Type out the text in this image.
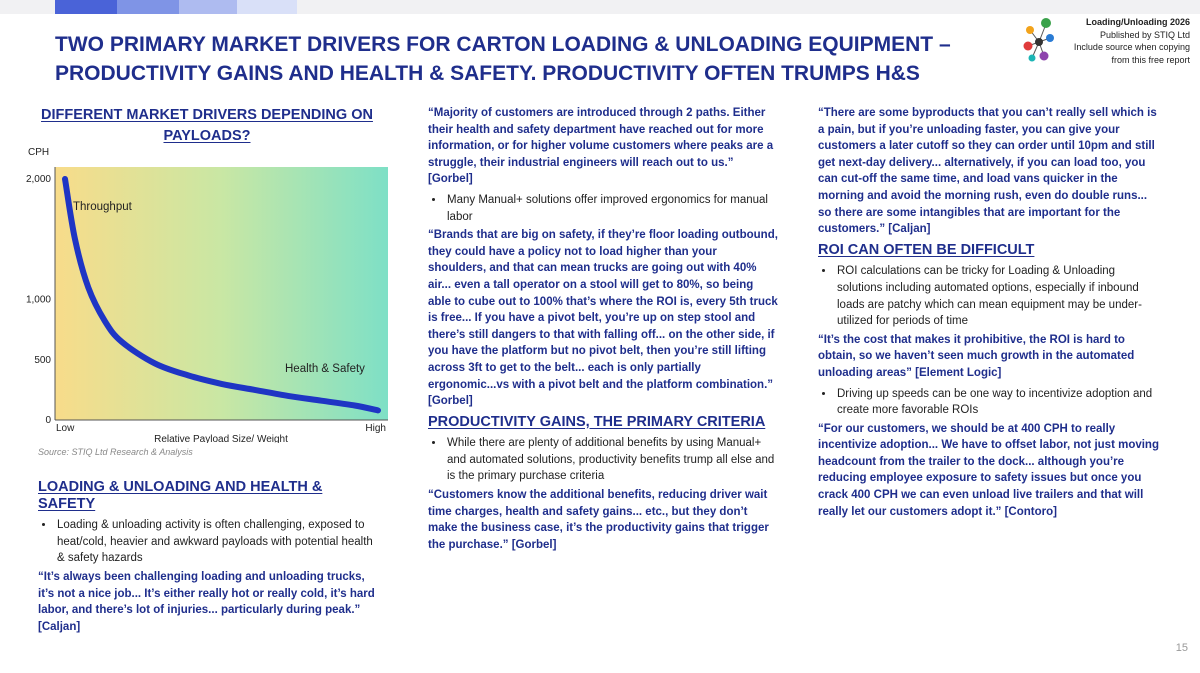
TWO PRIMARY MARKET DRIVERS FOR CARTON LOADING & UNLOADING EQUIPMENT – PRODUCTIVITY GAINS AND HEALTH & SAFETY. PRODUCTIVITY OFTEN TRUMPS H&S
Loading/Unloading 2026
Published by STIQ Ltd
Include source when copying
from this free report

DIFFERENT MARKET DRIVERS DEPENDING ON PAYLOADS?

CPH
0
500
1,000
2,000
Low	High
Relative Payload Size/ Weight
Throughput
Health & Safety
Source: STIQ Ltd Research & Analysis

LOADING & UNLOADING AND HEALTH & SAFETY

• Loading & unloading activity is often challenging, exposed to heat/cold, heavier and awkward payloads with potential health & safety hazards

“It’s always been challenging loading and unloading trucks, it’s not a nice job... It’s either really hot or really cold, it’s hard labor, and there’s lot of injuries... particularly during peak.” [Caljan]

“Majority of customers are introduced through 2 paths. Either their health and safety department have reached out for more information, or for higher volume customers where peaks are a struggle, their industrial engineers will reach out to us.” [Gorbel]

• Many Manual+ solutions offer improved ergonomics for manual labor

“Brands that are big on safety, if they’re floor loading outbound, they could have a policy not to load higher than your shoulders, and that can mean trucks are going out with 40% air... even a tall operator on a stool will get to 80%, so being able to cube out to 100% that’s where the ROI is, every 5th truck is free... If you have a pivot belt, you’re up on step stool and there’s still dangers to that with falling off... on the other side, if you have the platform but no pivot belt, then you’re still lifting across 3ft to get to the belt... each is only partially ergonomic...vs with a pivot belt and the platform combination.” [Gorbel]

PRODUCTIVITY GAINS, THE PRIMARY CRITERIA

• While there are plenty of additional benefits by using Manual+ and automated solutions, productivity benefits trump all else and is the primary purchase criteria

“Customers know the additional benefits, reducing driver wait time charges, health and safety gains... etc., but they don’t make the business case, it’s the productivity gains that trigger the purchase.” [Gorbel]

“There are some byproducts that you can’t really sell which is a pain, but if you’re unloading faster, you can give your customers a later cutoff so they can order until 10pm and still get next-day delivery... alternatively, if you can load too, you can cut-off the same time, and load vans quicker in the morning and avoid the morning rush, even do double runs... so there are some intangibles that are important for the customers.” [Caljan]

ROI CAN OFTEN BE DIFFICULT

• ROI calculations can be tricky for Loading & Unloading solutions including automated options, especially if inbound loads are patchy which can mean equipment may be under-utilized for periods of time

“It’s the cost that makes it prohibitive, the ROI is hard to obtain, so we haven’t seen much growth in the automated unloading areas” [Element Logic]

• Driving up speeds can be one way to incentivize adoption and create more favorable ROIs

“For our customers, we should be at 400 CPH to really incentivize adoption... We have to offset labor, not just moving headcount from the trailer to the dock... although you’re reducing employee exposure to safety issues but once you crack 400 CPH we can even unload live trailers and that will really let our customers adopt it.” [Contoro]

15
